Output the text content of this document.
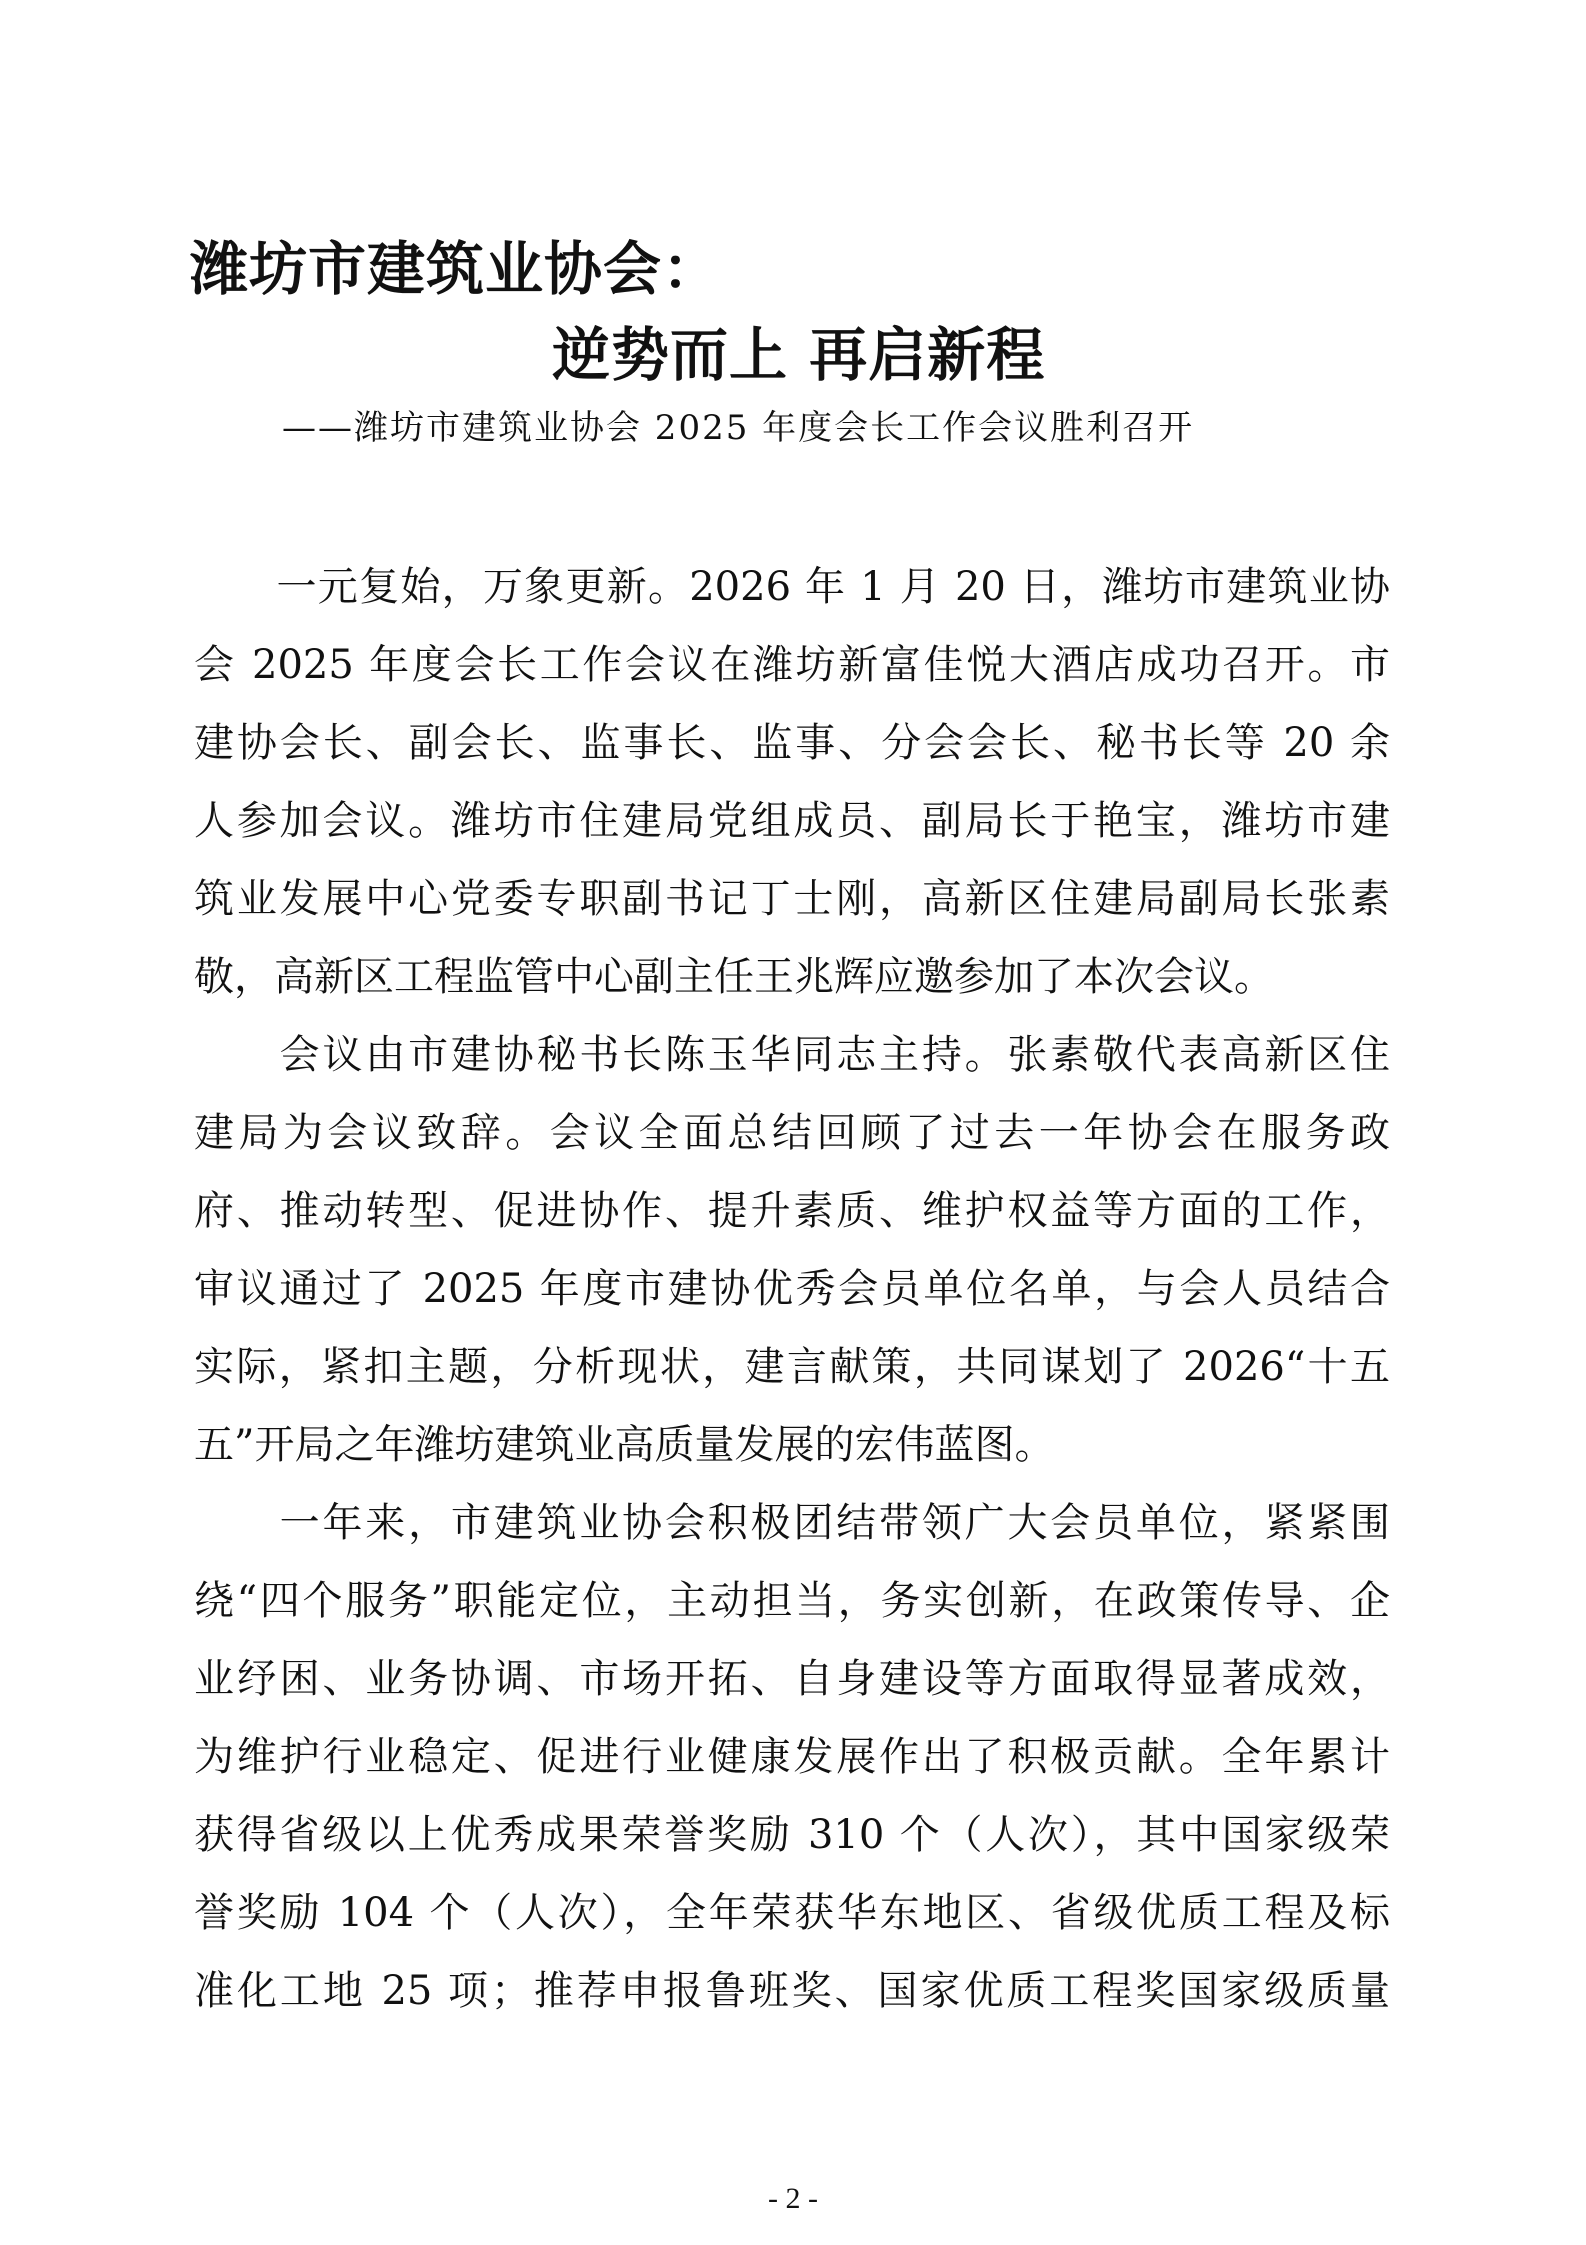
潍坊市建筑业协会：
逆势而上 再启新程
——潍坊市建筑业协会 2025 年度会长工作会议胜利召开
　　一元复始，万象更新。2026 年 1 月 20 日，潍坊市建筑业协
会 2025 年度会长工作会议在潍坊新富佳悦大酒店成功召开。市
建协会长、副会长、监事长、监事、分会会长、秘书长等 20 余
人参加会议。潍坊市住建局党组成员、副局长于艳宝，潍坊市建
筑业发展中心党委专职副书记丁士刚，高新区住建局副局长张素
敬，高新区工程监管中心副主任王兆辉应邀参加了本次会议。
　　会议由市建协秘书长陈玉华同志主持。张素敬代表高新区住
建局为会议致辞。会议全面总结回顾了过去一年协会在服务政
府、推动转型、促进协作、提升素质、维护权益等方面的工作，
审议通过了 2025 年度市建协优秀会员单位名单，与会人员结合
实际，紧扣主题，分析现状，建言献策，共同谋划了 2026“十五
五”开局之年潍坊建筑业高质量发展的宏伟蓝图。
　　一年来，市建筑业协会积极团结带领广大会员单位，紧紧围
绕“四个服务”职能定位，主动担当，务实创新，在政策传导、企
业纾困、业务协调、市场开拓、自身建设等方面取得显著成效，
为维护行业稳定、促进行业健康发展作出了积极贡献。全年累计
获得省级以上优秀成果荣誉奖励 310 个（人次），其中国家级荣
誉奖励 104 个（人次），全年荣获华东地区、省级优质工程及标
准化工地 25 项；推荐申报鲁班奖、国家优质工程奖国家级质量
- 2 -
